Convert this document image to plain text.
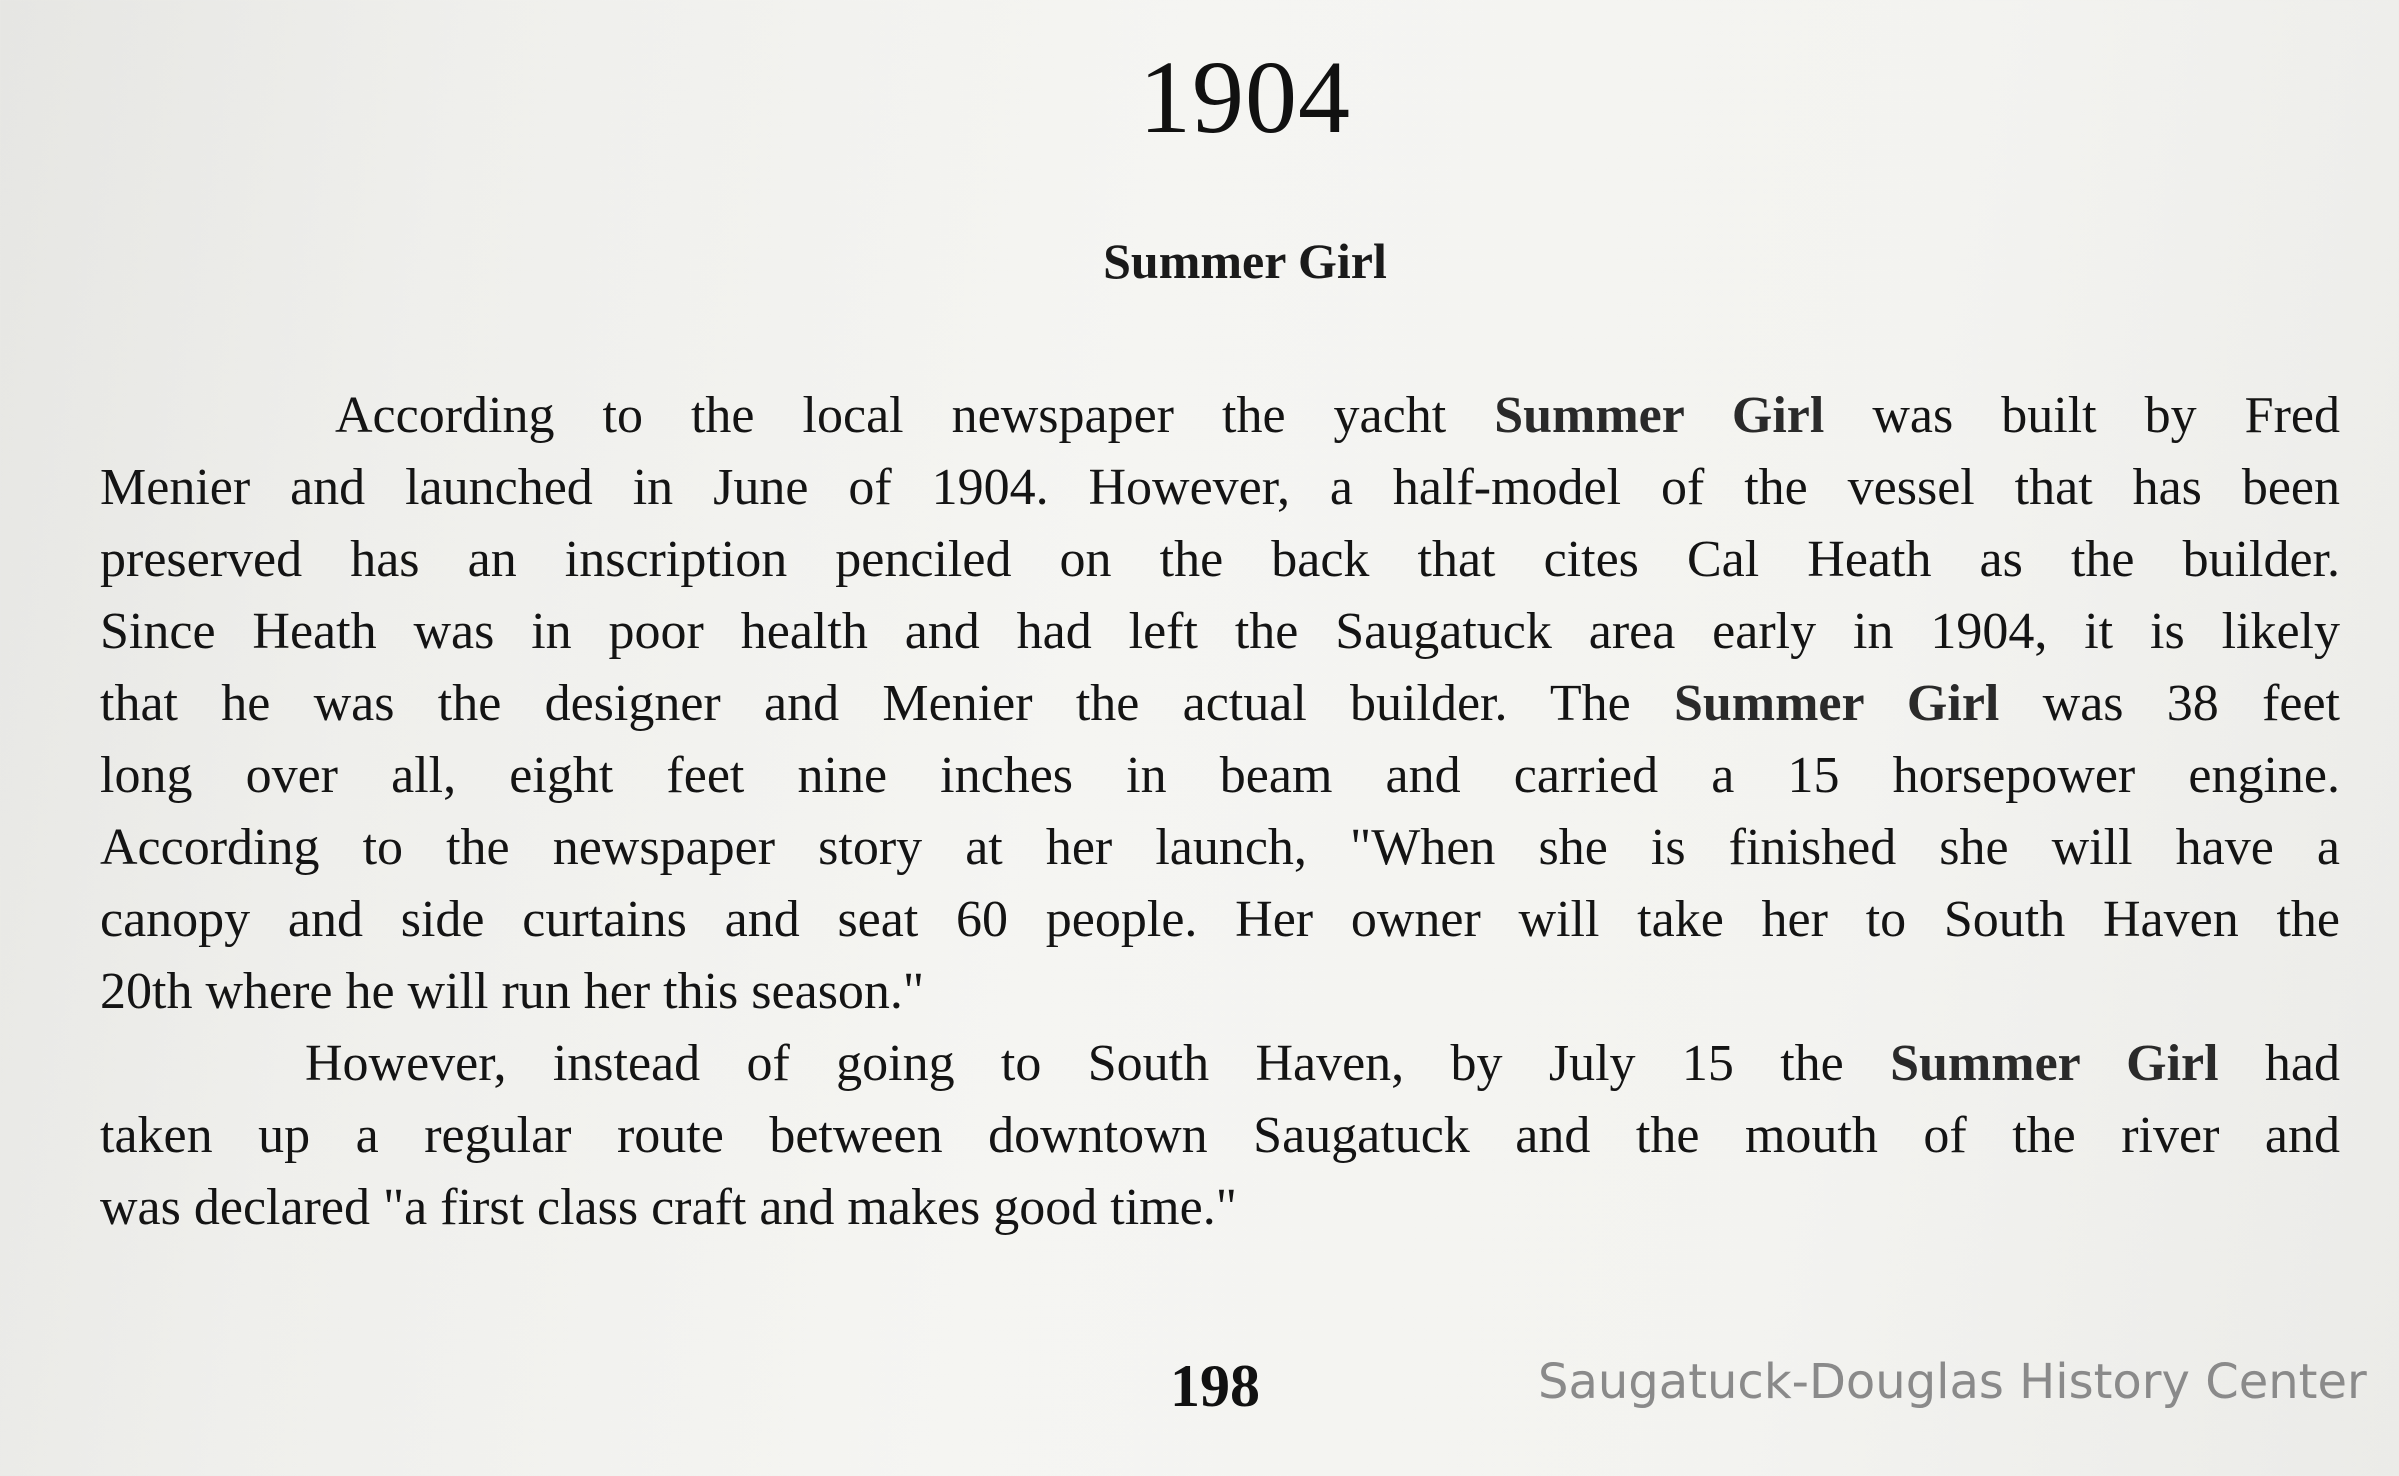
1904
Summer Girl
According to the local newspaper the yacht Summer Girl was built by Fred
Menier and launched in June of 1904. However, a half-model of the vessel that has been
preserved has an inscription penciled on the back that cites Cal Heath as the builder.
Since Heath was in poor health and had left the Saugatuck area early in 1904, it is likely
that he was the designer and Menier the actual builder. The Summer Girl was 38 feet
long over all, eight feet nine inches in beam and carried a 15 horsepower engine.
According to the newspaper story at her launch, "When she is finished she will have a
canopy and side curtains and seat 60 people. Her owner will take her to South Haven the
20th where he will run her this season."
However, instead of going to South Haven, by July 15 the Summer Girl had
taken up a regular route between downtown Saugatuck and the mouth of the river and
was declared "a first class craft and makes good time."
198	Saugatuck-Douglas History Center
